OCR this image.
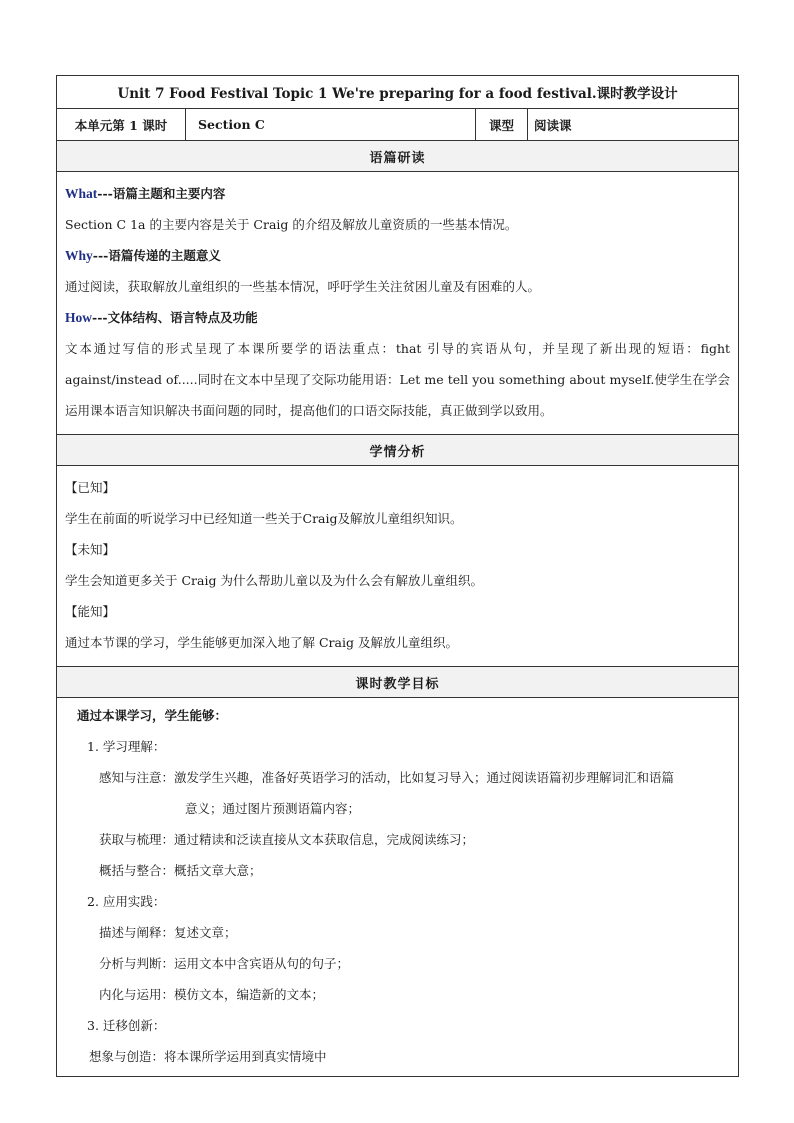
Unit 7 Food Festival Topic 1 We're preparing for a food festival.课时教学设计
本单元第 1 课时	Section C	课型	阅读课
语篇研读

What---语篇主题和主要内容
Section C 1a 的主要内容是关于 Craig 的介绍及解放儿童资质的一些基本情况。
Why---语篇传递的主题意义
通过阅读，获取解放儿童组织的一些基本情况，呼吁学生关注贫困儿童及有困难的人。
How---文体结构、语言特点及功能
文本通过写信的形式呈现了本课所要学的语法重点：that 引导的宾语从句，并呈现了新出现的短语：fight against/instead of.....同时在文本中呈现了交际功能用语：Let me tell you something about myself.使学生在学会运用课本语言知识解决书面问题的同时，提高他们的口语交际技能，真正做到学以致用。

学情分析

【已知】
学生在前面的听说学习中已经知道一些关于Craig及解放儿童组织知识。
【未知】
学生会知道更多关于 Craig 为什么帮助儿童以及为什么会有解放儿童组织。
【能知】
通过本节课的学习，学生能够更加深入地了解 Craig 及解放儿童组织。

课时教学目标

通过本课学习，学生能够：
1. 学习理解：
感知与注意：激发学生兴趣，准备好英语学习的活动，比如复习导入；通过阅读语篇初步理解词汇和语篇
意义；通过图片预测语篇内容；
获取与梳理：通过精读和泛读直接从文本获取信息，完成阅读练习；
概括与整合：概括文章大意；
2. 应用实践：
描述与阐释：复述文章；
分析与判断：运用文本中含宾语从句的句子；
内化与运用：模仿文本，编造新的文本；
3. 迁移创新：
想象与创造：将本课所学运用到真实情境中
